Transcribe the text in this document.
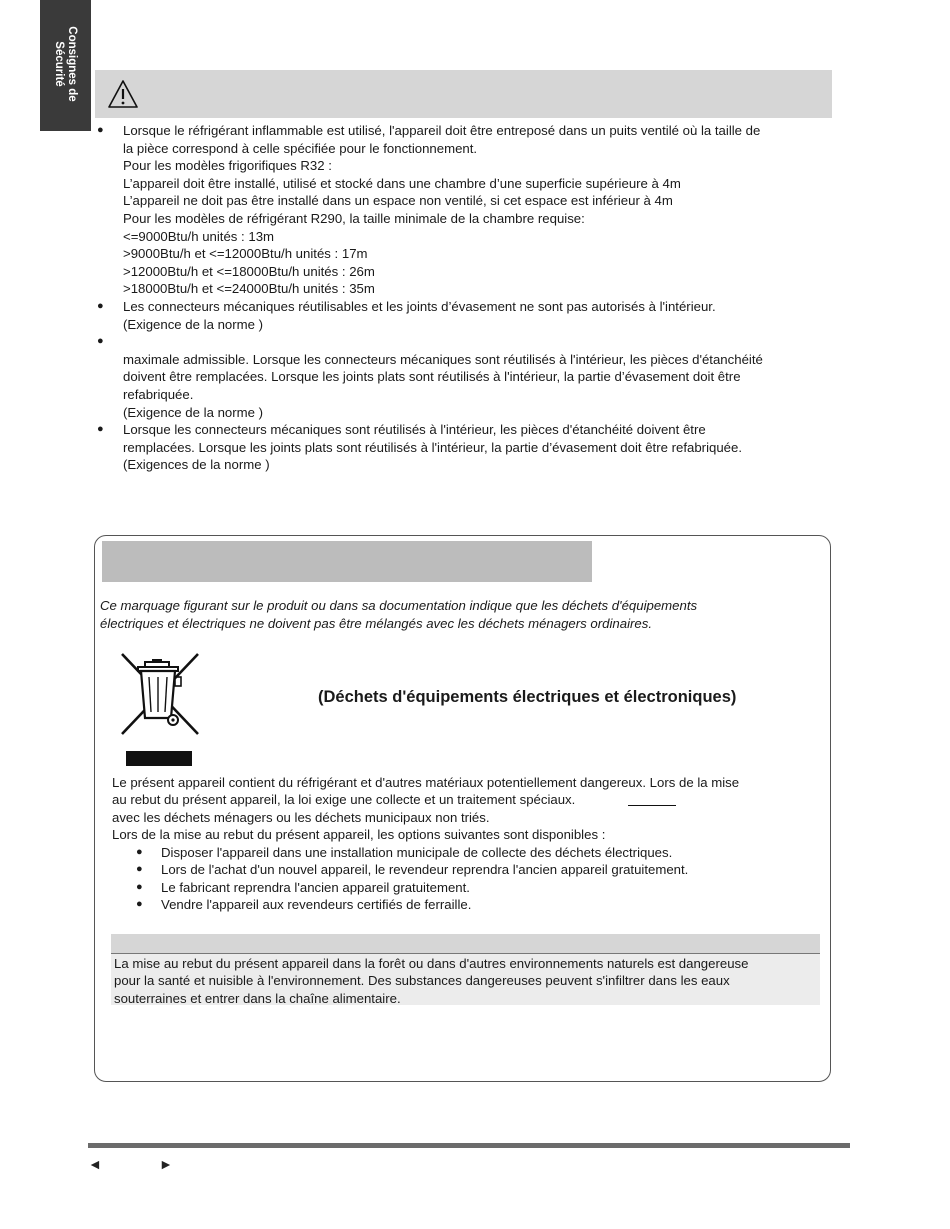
Consignes de
Sécurité
● Lorsque le réfrigérant inflammable est utilisé, l'appareil doit être entreposé dans un puits ventilé où la taille de
la pièce correspond à celle spécifiée pour le fonctionnement.
Pour les modèles frigorifiques R32 :
L’appareil doit être installé, utilisé et stocké dans une chambre d’une superficie supérieure à 4m
L’appareil ne doit pas être installé dans un espace non ventilé, si cet espace est inférieur à 4m
Pour les modèles de réfrigérant R290, la taille minimale de la chambre requise:
<=9000Btu/h unités : 13m
>9000Btu/h et <=12000Btu/h unités : 17m
>12000Btu/h et <=18000Btu/h unités : 26m
>18000Btu/h et <=24000Btu/h unités : 35m
● Les connecteurs mécaniques réutilisables et les joints d’évasement ne sont pas autorisés à l'intérieur.
(Exigence de la norme )
●
maximale admissible. Lorsque les connecteurs mécaniques sont réutilisés à l'intérieur, les pièces d'étanchéité
doivent être remplacées. Lorsque les joints plats sont réutilisés à l'intérieur, la partie d’évasement doit être
refabriquée.
(Exigence de la norme )
● Lorsque les connecteurs mécaniques sont réutilisés à l'intérieur, les pièces d'étanchéité doivent être
remplacées. Lorsque les joints plats sont réutilisés à l'intérieur, la partie d’évasement doit être refabriquée.
(Exigences de la norme )
Ce marquage figurant sur le produit ou dans sa documentation indique que les déchets d'équipements
électriques et électriques ne doivent pas être mélangés avec les déchets ménagers ordinaires.
(Déchets d'équipements électriques et électroniques)
Le présent appareil contient du réfrigérant et d'autres matériaux potentiellement dangereux. Lors de la mise
au rebut du présent appareil, la loi exige une collecte et un traitement spéciaux.
avec les déchets ménagers ou les déchets municipaux non triés.
Lors de la mise au rebut du présent appareil, les options suivantes sont disponibles :
● Disposer l'appareil dans une installation municipale de collecte des déchets électriques.
● Lors de l'achat d'un nouvel appareil, le revendeur reprendra l'ancien appareil gratuitement.
● Le fabricant reprendra l'ancien appareil gratuitement.
● Vendre l'appareil aux revendeurs certifiés de ferraille.
La mise au rebut du présent appareil dans la forêt ou dans d'autres environnements naturels est dangereuse
pour la santé et nuisible à l'environnement. Des substances dangereuses peuvent s'infiltrer dans les eaux
souterraines et entrer dans la chaîne alimentaire.
◄	►
